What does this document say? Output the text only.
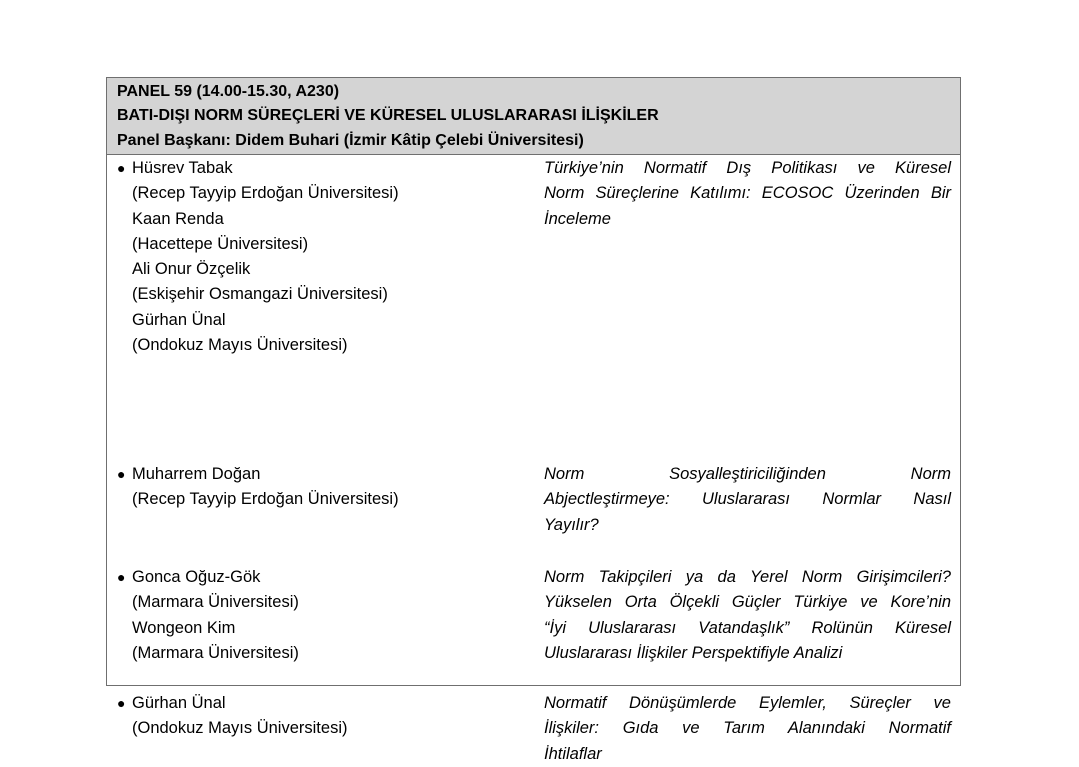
PANEL 59 (14.00-15.30, A230)
BATI-DIŞI NORM SÜREÇLERİ VE KÜRESEL ULUSLARARASI İLİŞKİLER
Panel Başkanı: Didem Buhari (İzmir Kâtip Çelebi Üniversitesi)
● Hüsrev Tabak
(Recep Tayyip Erdoğan Üniversitesi)
Kaan Renda
(Hacettepe Üniversitesi)
Ali Onur Özçelik
(Eskişehir Osmangazi Üniversitesi)
Gürhan Ünal
(Ondokuz Mayıs Üniversitesi)
Türkiye’nin Normatif Dış Politikası ve Küresel
Norm Süreçlerine Katılımı: ECOSOC Üzerinden Bir
İnceleme
● Muharrem Doğan
(Recep Tayyip Erdoğan Üniversitesi)
Norm Sosyalleştiriciliğinden Norm
Abjectleştirmeye: Uluslararası Normlar Nasıl
Yayılır?
● Gonca Oğuz-Gök
(Marmara Üniversitesi)
Wongeon Kim
(Marmara Üniversitesi)
Norm Takipçileri ya da Yerel Norm Girişimcileri?
Yükselen Orta Ölçekli Güçler Türkiye ve Kore’nin
“İyi Uluslararası Vatandaşlık” Rolünün Küresel
Uluslararası İlişkiler Perspektifiyle Analizi
● Gürhan Ünal
(Ondokuz Mayıs Üniversitesi)
Normatif Dönüşümlerde Eylemler, Süreçler ve
İlişkiler: Gıda ve Tarım Alanındaki Normatif
İhtilaflar
